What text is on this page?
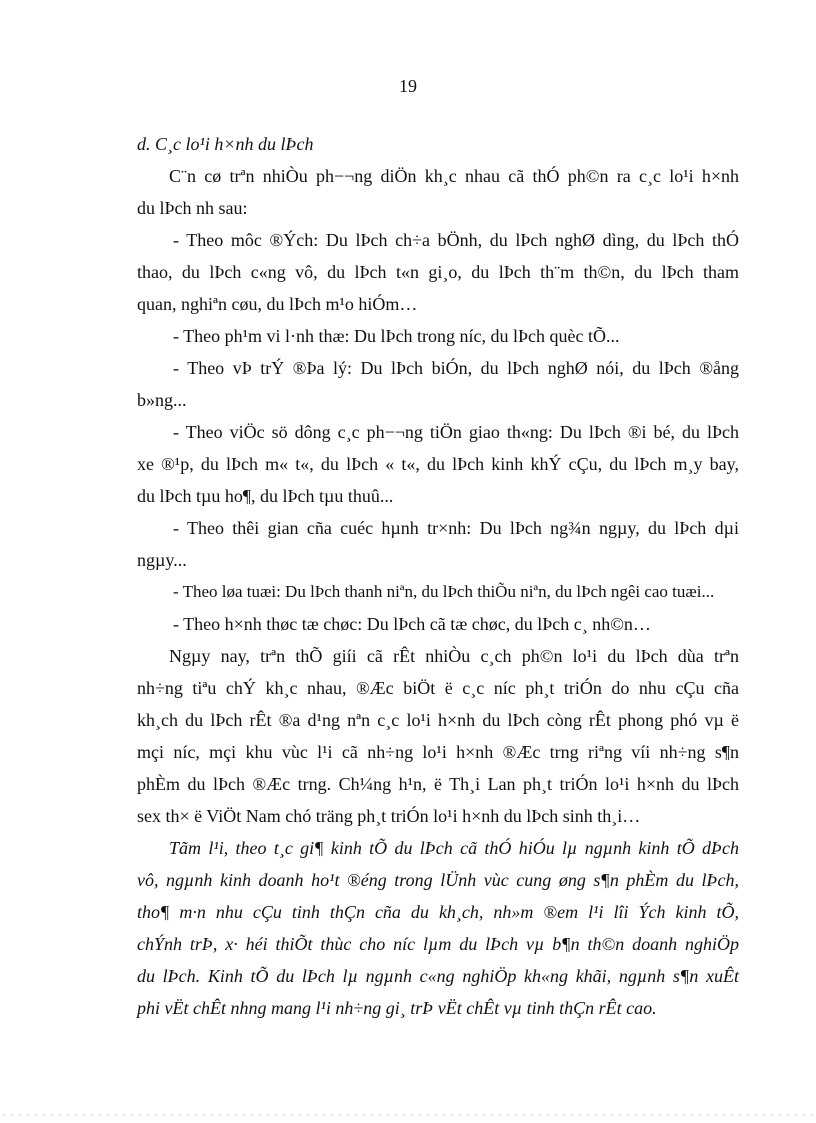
19
d. C¸c lo¹i h×nh du lÞch
C¨n cø trªn nhiÒu ph−¬ng diÖn kh¸c nhau cã thÓ ph©n ra c¸c lo¹i h×nh
du lÞch nh sau:
- Theo môc ®Ých: Du lÞch ch÷a bÖnh, du lÞch nghØ dìng, du lÞch thÓ
thao, du lÞch c«ng vô, du lÞch t«n gi¸o, du lÞch th¨m th©n, du lÞch tham
quan, nghiªn cøu, du lÞch m¹o hiÓm…
- Theo ph¹m vi l·nh thæ: Du lÞch trong níc, du lÞch quèc tÕ...
- Theo vÞ trÝ ®Þa lý: Du lÞch biÓn, du lÞch nghØ nói, du lÞch ®ång
b»ng...
- Theo viÖc sö dông c¸c ph−¬ng tiÖn giao th«ng: Du lÞch ®i bé, du lÞch
xe ®¹p, du lÞch m« t«, du lÞch « t«, du lÞch kinh khÝ cÇu, du lÞch m¸y bay,
du lÞch tµu ho¶, du lÞch tµu thuû...
- Theo thêi gian cña cuéc hµnh tr×nh: Du lÞch ng¾n ngµy, du lÞch dµi
ngµy...
- Theo løa tuæi: Du lÞch thanh niªn, du lÞch thiÕu niªn, du lÞch ngêi cao tuæi...
- Theo h×nh thøc tæ chøc: Du lÞch cã tæ chøc, du lÞch c¸ nh©n…
Ngµy nay, trªn thÕ giíi cã rÊt nhiÒu c¸ch ph©n lo¹i du lÞch dùa trªn
nh÷ng tiªu chÝ kh¸c nhau, ®Æc biÖt ë c¸c níc ph¸t triÓn do nhu cÇu cña
kh¸ch du lÞch rÊt ®a d¹ng nªn c¸c lo¹i h×nh du lÞch còng rÊt phong phó vµ ë
mçi níc, mçi khu vùc l¹i cã nh÷ng lo¹i h×nh ®Æc trng riªng víi nh÷ng s¶n
phÈm du lÞch ®Æc trng. Ch¼ng h¹n, ë Th¸i Lan ph¸t triÓn lo¹i h×nh du lÞch
sex th× ë ViÖt Nam chó träng ph¸t triÓn lo¹i h×nh du lÞch sinh th¸i…
Tãm l¹i, theo t¸c gi¶ kinh tÕ du lÞch cã thÓ hiÓu lµ ngµnh kinh tÕ dÞch
vô, ngµnh kinh doanh ho¹t ®éng trong lÜnh vùc cung øng s¶n phÈm du lÞch,
tho¶ m·n nhu cÇu tinh thÇn cña du kh¸ch, nh»m ®em l¹i lîi Ých kinh tÕ,
chÝnh trÞ, x· héi thiÕt thùc cho níc lµm du lÞch vµ b¶n th©n doanh nghiÖp
du lÞch. Kinh tÕ du lÞch lµ ngµnh c«ng nghiÖp kh«ng khãi, ngµnh s¶n xuÊt
phi vËt chÊt nhng mang l¹i nh÷ng gi¸ trÞ vËt chÊt vµ tinh thÇn rÊt cao.
